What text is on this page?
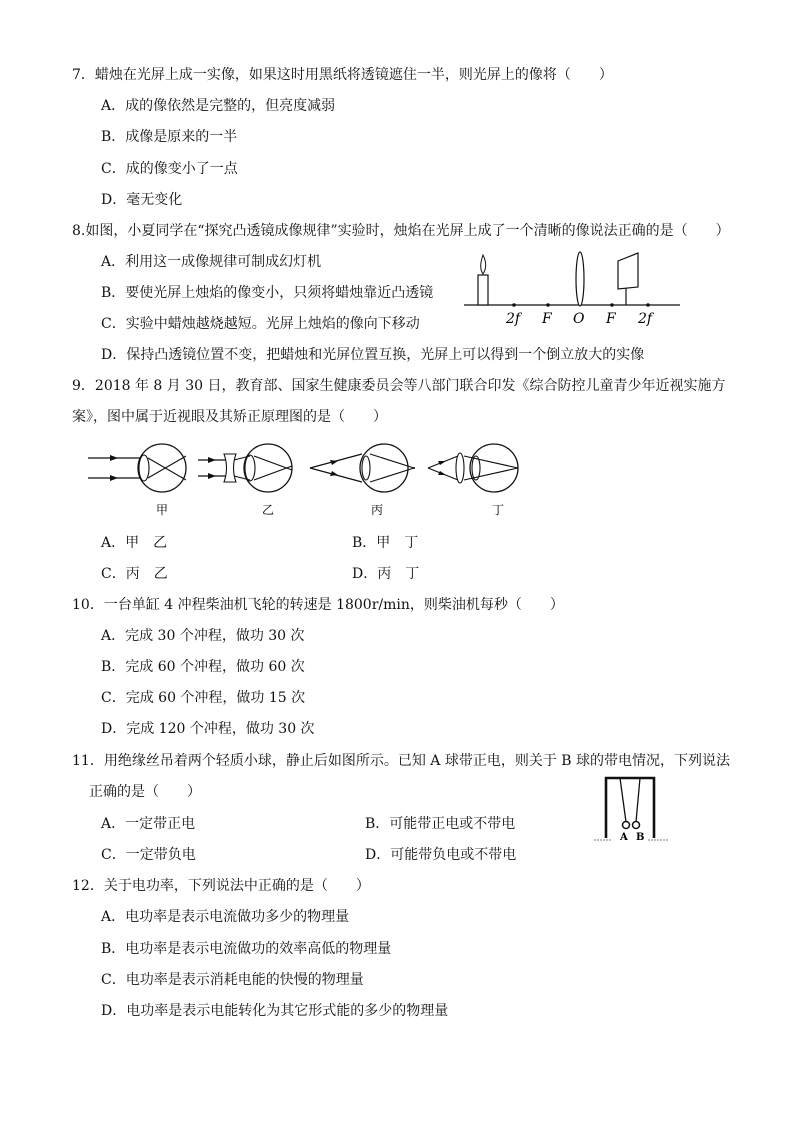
7．蜡烛在光屏上成一实像，如果这时用黑纸将透镜遮住一半，则光屏上的像将（　　）
A．成的像依然是完整的，但亮度减弱
B．成像是原来的一半
C．成的像变小了一点
D．毫无变化
8.如图，小夏同学在“探究凸透镜成像规律”实验时，烛焰在光屏上成了一个清晰的像说法正确的是（　　）
A．利用这一成像规律可制成幻灯机
B．要使光屏上烛焰的像变小，只须将蜡烛靠近凸透镜
C．实验中蜡烛越烧越短。光屏上烛焰的像向下移动
D．保持凸透镜位置不变，把蜡烛和光屏位置互换，光屏上可以得到一个倒立放大的实像
2f F O F 2f
9．2018 年 8 月 30 日，教育部、国家生健康委员会等八部门联合印发《综合防控儿童青少年近视实施方
案》，图中属于近视眼及其矫正原理图的是（　　）
甲	乙	丙	丁
A．甲　乙	B．甲　丁
C．丙　乙	D．丙　丁
10．一台单缸 4 冲程柴油机飞轮的转速是 1800r/min，则柴油机每秒（　　）
A．完成 30 个冲程，做功 30 次
B．完成 60 个冲程，做功 60 次
C．完成 60 个冲程，做功 15 次
D．完成 120 个冲程，做功 30 次
11．用绝缘丝吊着两个轻质小球，静止后如图所示。已知 A 球带正电，则关于 B 球的带电情况，下列说法
正确的是（　　）
A．一定带正电	B．可能带正电或不带电
C．一定带负电	D．可能带负电或不带电
A B
12．关于电功率，下列说法中正确的是（　　）
A．电功率是表示电流做功多少的物理量
B．电功率是表示电流做功的效率高低的物理量
C．电功率是表示消耗电能的快慢的物理量
D．电功率是表示电能转化为其它形式能的多少的物理量
